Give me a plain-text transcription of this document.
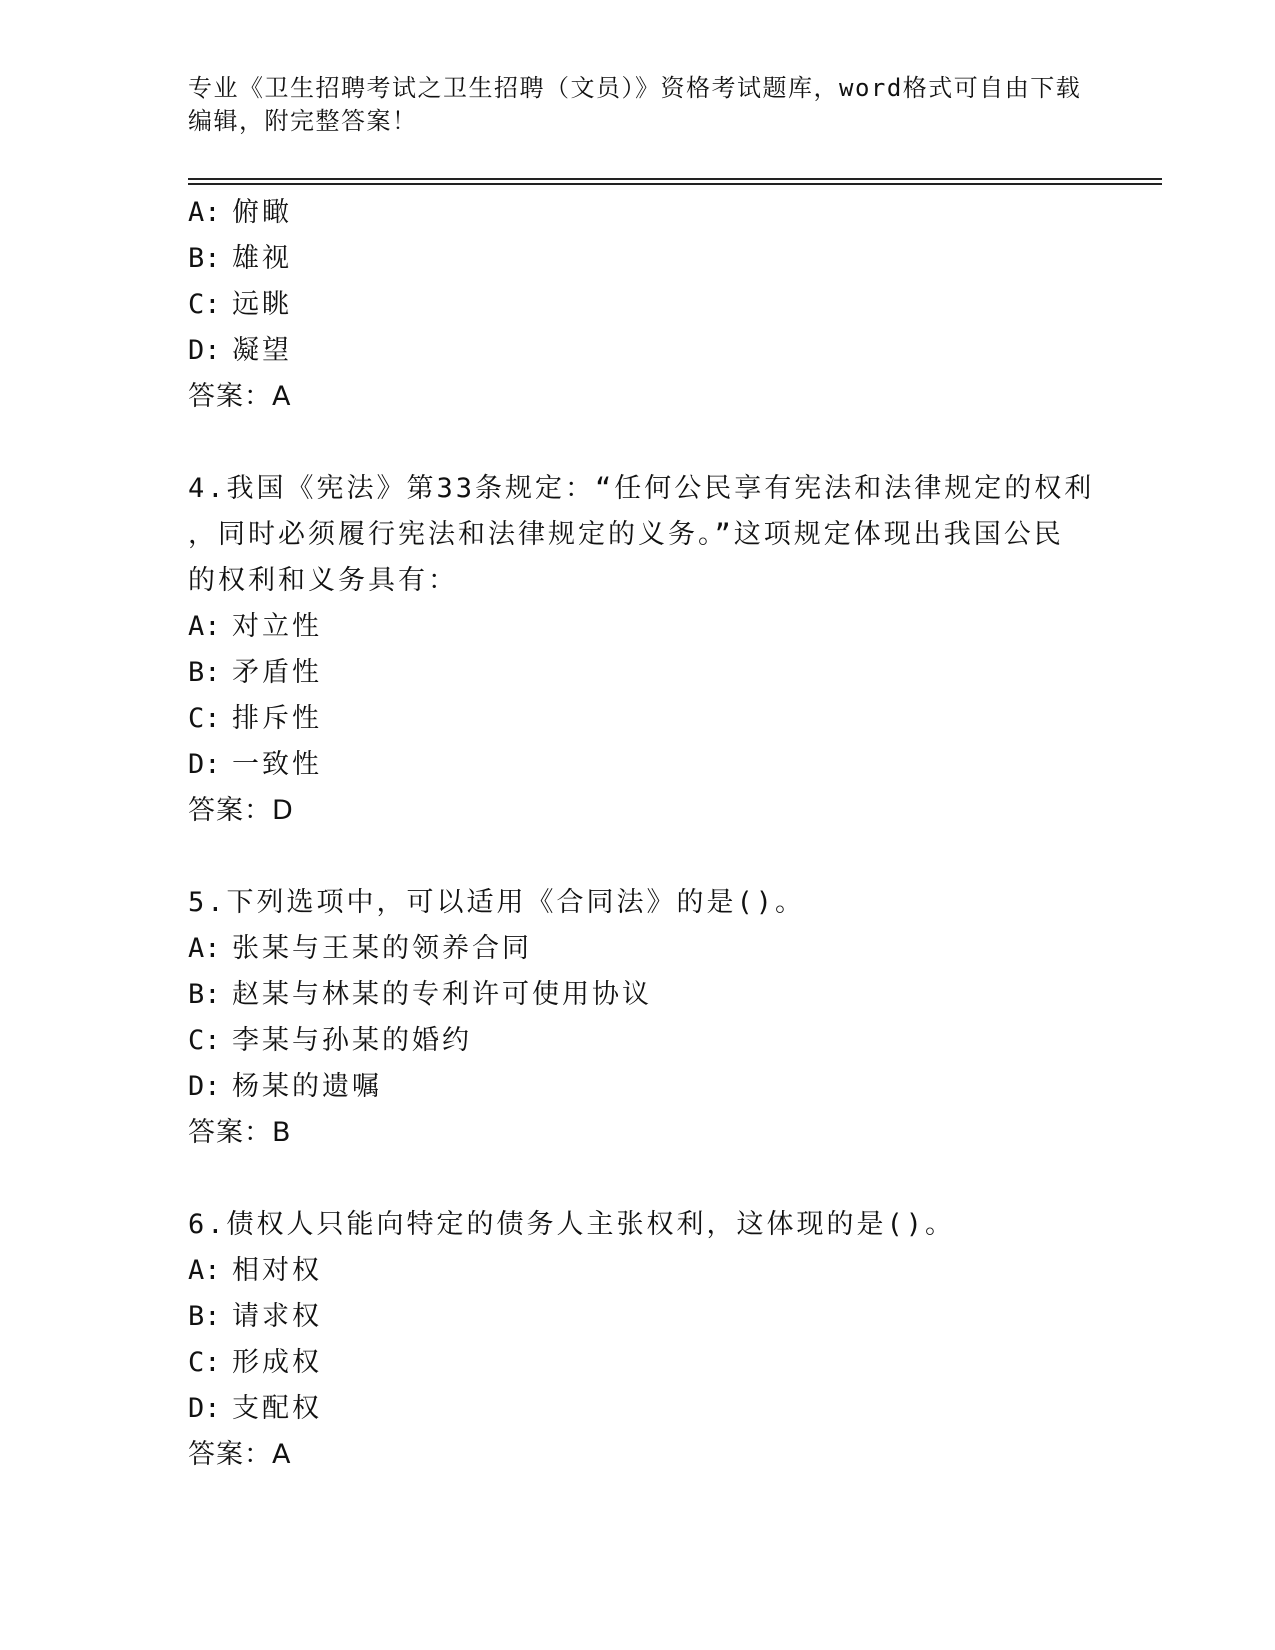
专业《卫生招聘考试之卫生招聘（文员）》资格考试题库，word格式可自由下载
编辑，附完整答案！
A: 俯瞰
B: 雄视
C: 远眺
D: 凝望
答案：A
4.我国《宪法》第33条规定：“任何公民享有宪法和法律规定的权利
，同时必须履行宪法和法律规定的义务。”这项规定体现出我国公民
的权利和义务具有：
A: 对立性
B: 矛盾性
C: 排斥性
D: 一致性
答案：D
5.下列选项中，可以适用《合同法》的是()。
A: 张某与王某的领养合同
B: 赵某与林某的专利许可使用协议
C: 李某与孙某的婚约
D: 杨某的遗嘱
答案：B
6.债权人只能向特定的债务人主张权利，这体现的是()。
A: 相对权
B: 请求权
C: 形成权
D: 支配权
答案：A
